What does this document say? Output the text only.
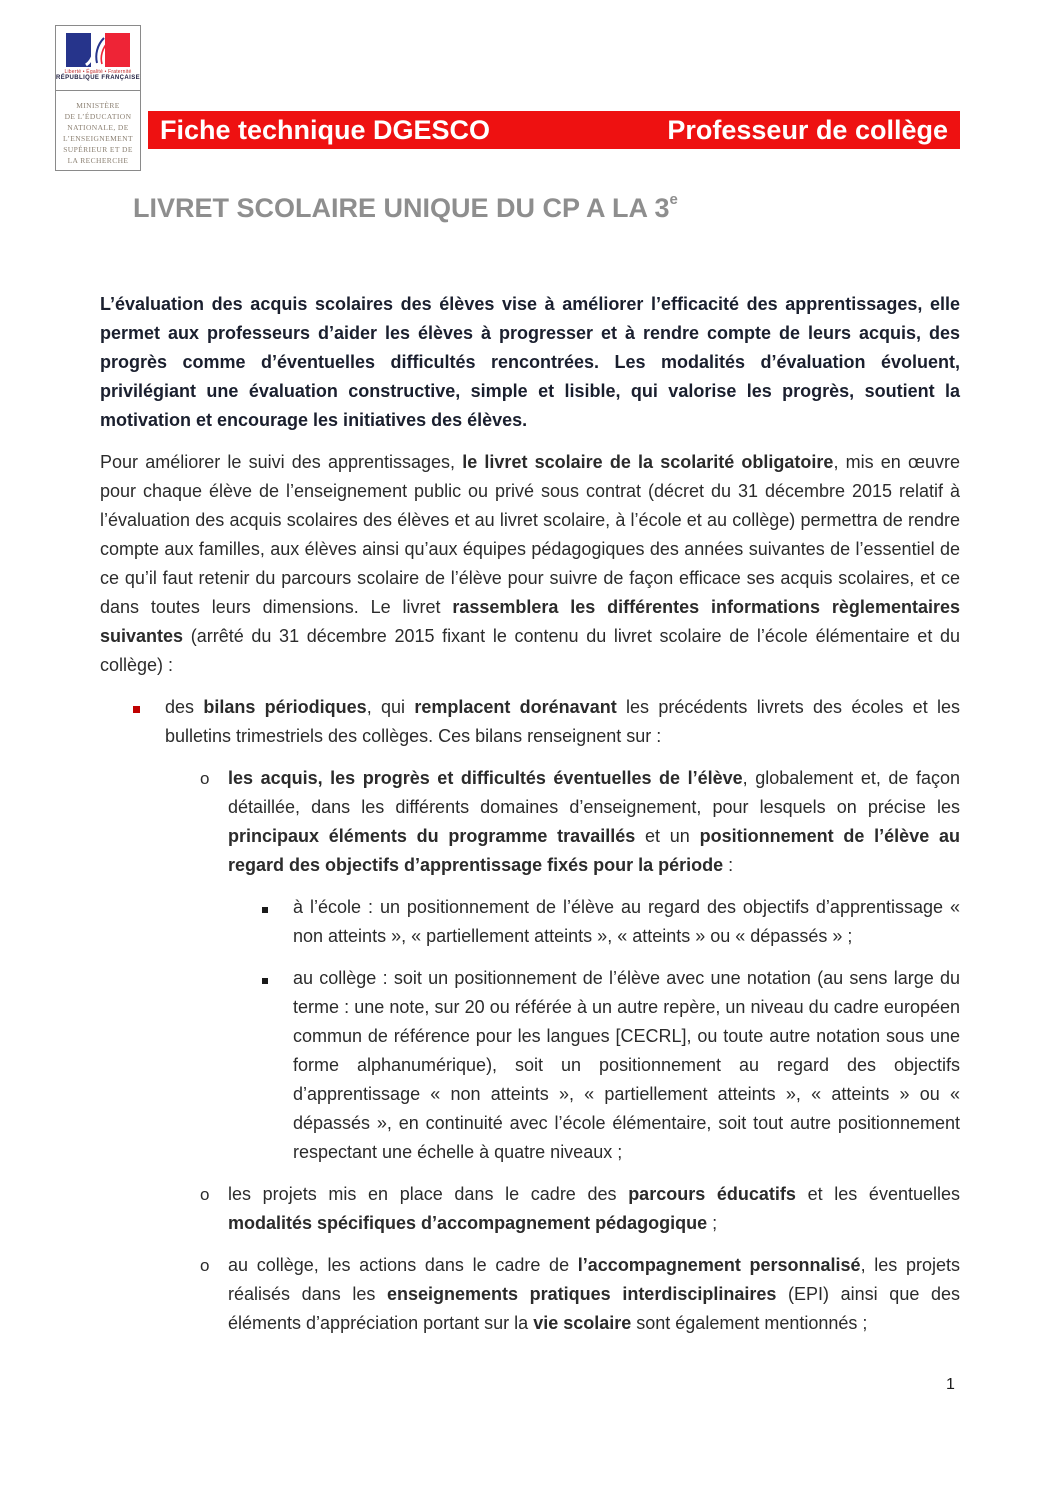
Liberté • Égalité • Fraternité
RÉPUBLIQUE FRANÇAISE
MINISTÈRE
DE L’ÉDUCATION
NATIONALE, DE
L’ENSEIGNEMENT
SUPÉRIEUR ET DE
LA RECHERCHE
Fiche technique DGESCO	Professeur de collège
LIVRET SCOLAIRE UNIQUE DU CP A LA 3e

L’évaluation des acquis scolaires des élèves vise à améliorer l’efficacité des apprentissages, elle permet aux professeurs d’aider les élèves à progresser et à rendre compte de leurs acquis, des progrès comme d’éventuelles difficultés rencontrées. Les modalités d’évaluation évoluent, privilégiant une évaluation constructive, simple et lisible, qui valorise les progrès, soutient la motivation et encourage les initiatives des élèves.

Pour améliorer le suivi des apprentissages, le livret scolaire de la scolarité obligatoire, mis en œuvre pour chaque élève de l’enseignement public ou privé sous contrat (décret du 31 décembre 2015 relatif à l’évaluation des acquis scolaires des élèves et au livret scolaire, à l’école et au collège) permettra de rendre compte aux familles, aux élèves ainsi qu’aux équipes pédagogiques des années suivantes de l’essentiel de ce qu’il faut retenir du parcours scolaire de l’élève pour suivre de façon efficace ses acquis scolaires, et ce dans toutes leurs dimensions. Le livret rassemblera les différentes informations règlementaires suivantes (arrêté du 31 décembre 2015 fixant le contenu du livret scolaire de l’école élémentaire et du collège) :

des bilans périodiques, qui remplacent dorénavant les précédents livrets des écoles et les bulletins trimestriels des collèges. Ces bilans renseignent sur :
o	les acquis, les progrès et difficultés éventuelles de l’élève, globalement et, de façon détaillée, dans les différents domaines d’enseignement, pour lesquels on précise les principaux éléments du programme travaillés et un positionnement de l’élève au regard des objectifs d’apprentissage fixés pour la période :
à l’école : un positionnement de l’élève au regard des objectifs d’apprentissage « non atteints », « partiellement atteints », « atteints » ou « dépassés » ;
au collège : soit un positionnement de l’élève avec une notation (au sens large du terme : une note, sur 20 ou référée à un autre repère, un niveau du cadre européen commun de référence pour les langues [CECRL], ou toute autre notation sous une forme alphanumérique), soit un positionnement au regard des objectifs d’apprentissage « non atteints », « partiellement atteints », « atteints » ou « dépassés », en continuité avec l’école élémentaire, soit tout autre positionnement respectant une échelle à quatre niveaux ;
o	les projets mis en place dans le cadre des parcours éducatifs et les éventuelles modalités spécifiques d’accompagnement pédagogique ;
o	au collège, les actions dans le cadre de l’accompagnement personnalisé, les projets réalisés dans les enseignements pratiques interdisciplinaires (EPI) ainsi que des éléments d’appréciation portant sur la vie scolaire sont également mentionnés ;
1
